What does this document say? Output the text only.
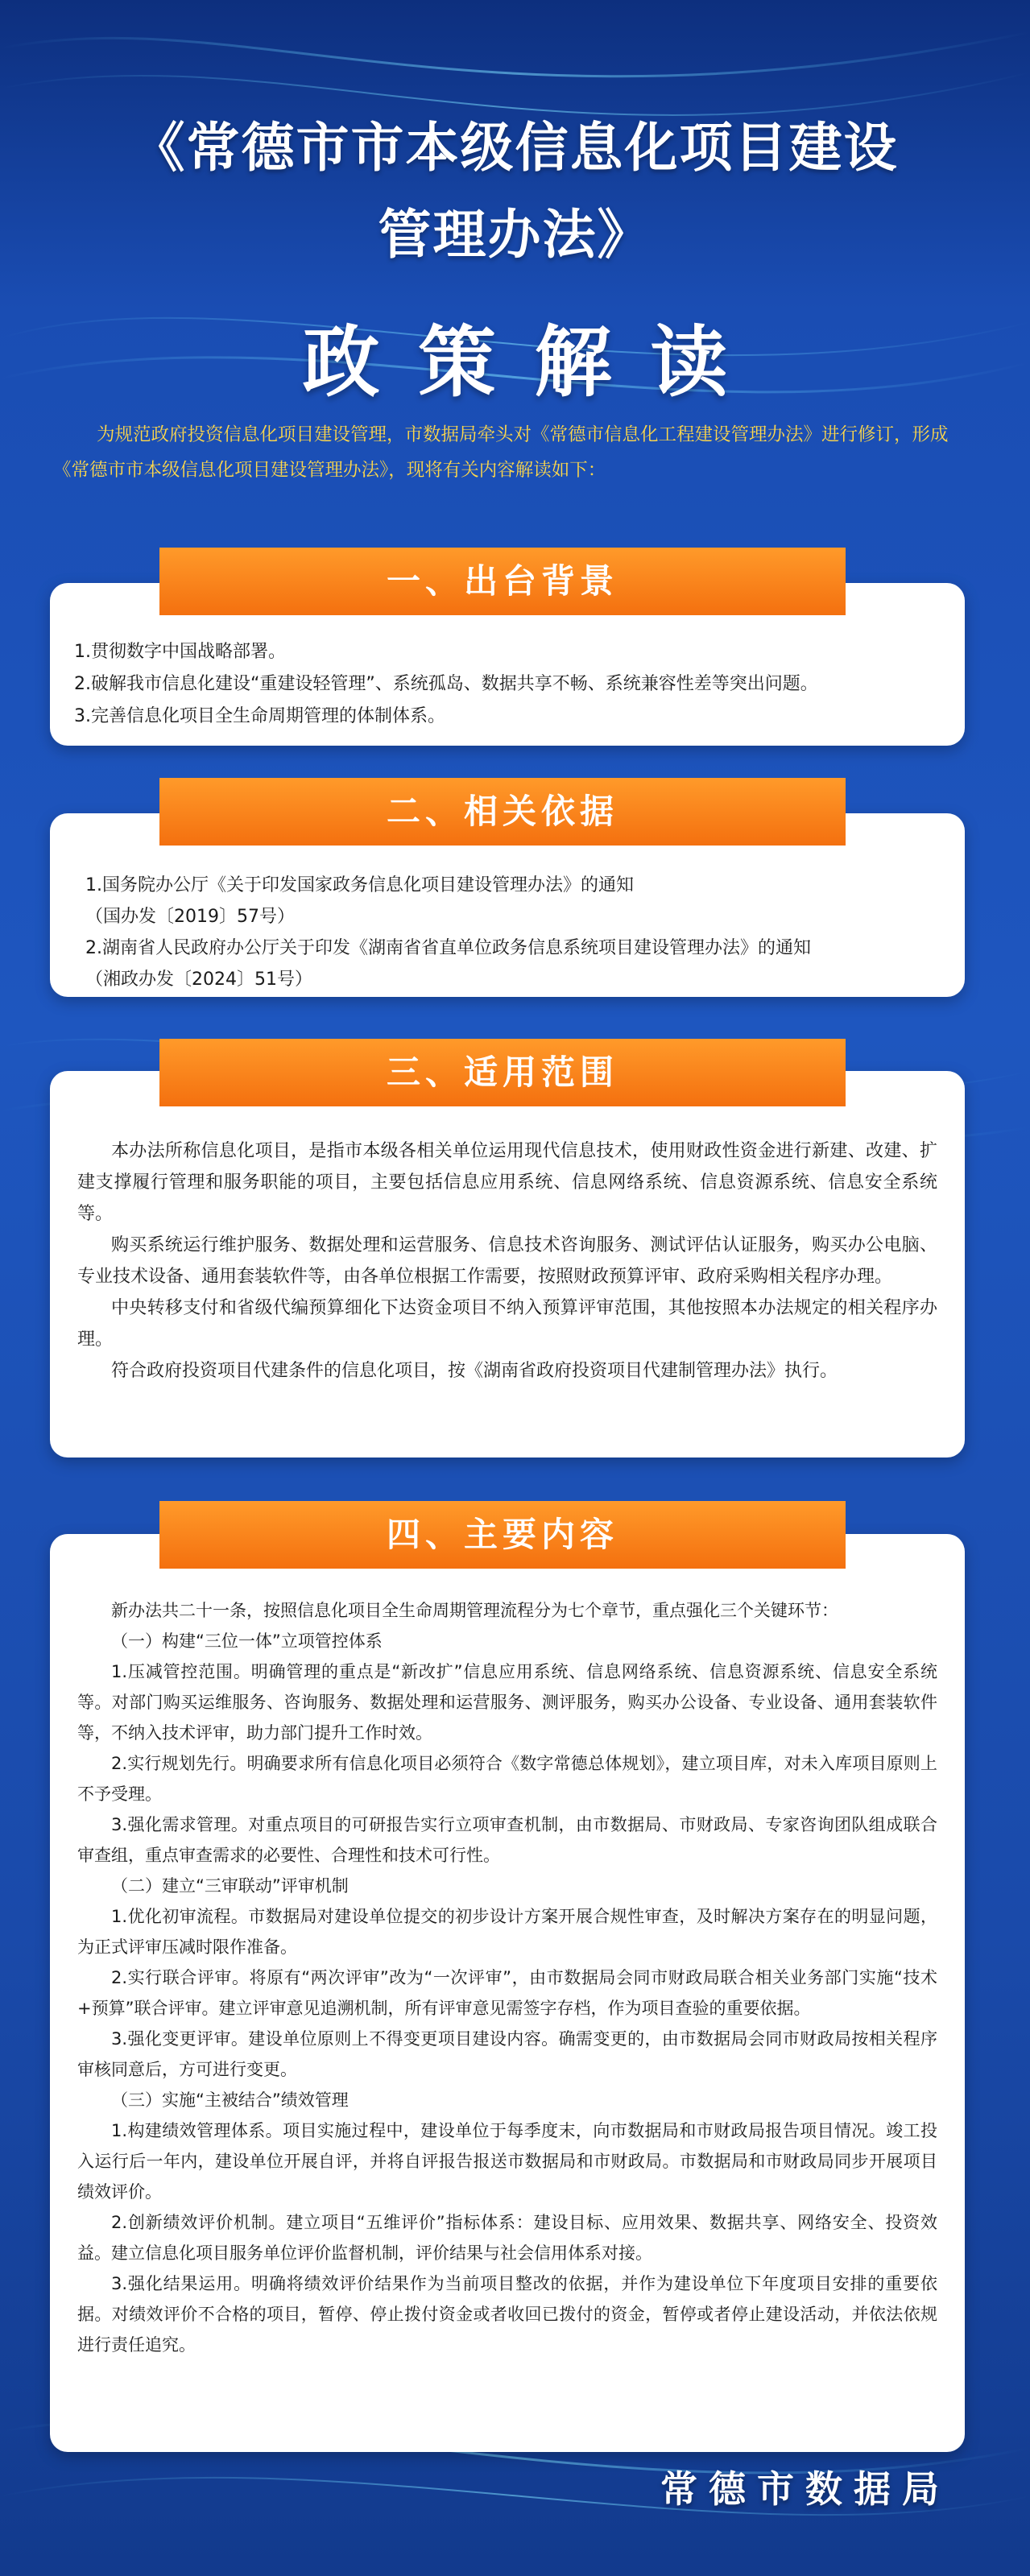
《常德市市本级信息化项目建设
管理办法》
政策解读

为规范政府投资信息化项目建设管理，市数据局牵头对《常德市信息化工程建设管理办法》进行修订，形成《常德市市本级信息化项目建设管理办法》，现将有关内容解读如下：

1.贯彻数字中国战略部署。
2.破解我市信息化建设“重建设轻管理”、系统孤岛、数据共享不畅、系统兼容性差等突出问题。
3.完善信息化项目全生命周期管理的体制体系。
一、出台背景
1.国务院办公厅《关于印发国家政务信息化项目建设管理办法》的通知
（国办发〔2019〕57号）
2.湖南省人民政府办公厅关于印发《湖南省省直单位政务信息系统项目建设管理办法》的通知
（湘政办发〔2024〕51号）
二、相关依据

本办法所称信息化项目，是指市本级各相关单位运用现代信息技术，使用财政性资金进行新建、改建、扩建支撑履行管理和服务职能的项目，主要包括信息应用系统、信息网络系统、信息资源系统、信息安全系统等。

购买系统运行维护服务、数据处理和运营服务、信息技术咨询服务、测试评估认证服务，购买办公电脑、专业技术设备、通用套装软件等，由各单位根据工作需要，按照财政预算评审、政府采购相关程序办理。

中央转移支付和省级代编预算细化下达资金项目不纳入预算评审范围，其他按照本办法规定的相关程序办理。

符合政府投资项目代建条件的信息化项目，按《湖南省政府投资项目代建制管理办法》执行。

三、适用范围

新办法共二十一条，按照信息化项目全生命周期管理流程分为七个章节，重点强化三个关键环节：

（一）构建“三位一体”立项管控体系

1.压减管控范围。明确管理的重点是“新改扩”信息应用系统、信息网络系统、信息资源系统、信息安全系统等。对部门购买运维服务、咨询服务、数据处理和运营服务、测评服务，购买办公设备、专业设备、通用套装软件等，不纳入技术评审，助力部门提升工作时效。

2.实行规划先行。明确要求所有信息化项目必须符合《数字常德总体规划》，建立项目库，对未入库项目原则上不予受理。

3.强化需求管理。对重点项目的可研报告实行立项审查机制，由市数据局、市财政局、专家咨询团队组成联合审查组，重点审查需求的必要性、合理性和技术可行性。

（二）建立“三审联动”评审机制

1.优化初审流程。市数据局对建设单位提交的初步设计方案开展合规性审查，及时解决方案存在的明显问题，为正式评审压减时限作准备。

2.实行联合评审。将原有“两次评审”改为“一次评审”，由市数据局会同市财政局联合相关业务部门实施“技术+预算”联合评审。建立评审意见追溯机制，所有评审意见需签字存档，作为项目查验的重要依据。

3.强化变更评审。建设单位原则上不得变更项目建设内容。确需变更的，由市数据局会同市财政局按相关程序审核同意后，方可进行变更。

（三）实施“主被结合”绩效管理

1.构建绩效管理体系。项目实施过程中，建设单位于每季度末，向市数据局和市财政局报告项目情况。竣工投入运行后一年内，建设单位开展自评，并将自评报告报送市数据局和市财政局。市数据局和市财政局同步开展项目绩效评价。

2.创新绩效评价机制。建立项目“五维评价”指标体系：建设目标、应用效果、数据共享、网络安全、投资效益。建立信息化项目服务单位评价监督机制，评价结果与社会信用体系对接。

3.强化结果运用。明确将绩效评价结果作为当前项目整改的依据，并作为建设单位下年度项目安排的重要依据。对绩效评价不合格的项目，暂停、停止拨付资金或者收回已拨付的资金，暂停或者停止建设活动，并依法依规进行责任追究。

四、主要内容
常德市数据局
